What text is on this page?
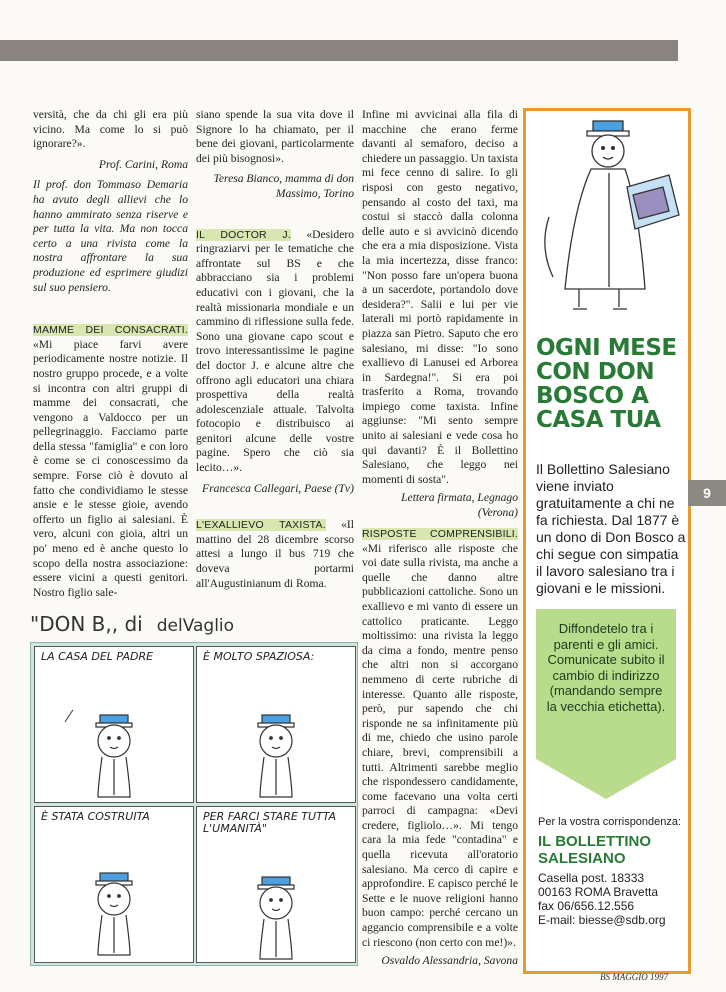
versità, che da chi gli era più vicino. Ma come lo si può ignorare?».

Prof. Carini, Roma

Il prof. don Tommaso Demaria ha avuto degli allievi che lo hanno ammirato senza riserve e per tutta la vita. Ma non tocca certo a una rivista come la nostra affrontare la sua produzione ed esprimere giudizi sul suo pensiero.

MAMME DEI CONSACRATI. «Mi piace farvi avere periodicamente nostre notizie. Il nostro gruppo procede, e a volte si incontra con altri gruppi di mamme dei consacrati, che vengono a Valdocco per un pellegrinaggio. Facciamo parte della stessa "famiglia" e con loro è come se ci conoscessimo da sempre. Forse ciò è dovuto al fatto che condividiamo le stesse ansie e le stesse gioie, avendo offerto un figlio ai salesiani. È vero, alcuni con gioia, altri un po' meno ed è anche questo lo scopo della nostra associazione: essere vicini a questi genitori. Nostro figlio sale-

siano spende la sua vita dove il Signore lo ha chiamato, per il bene dei giovani, particolarmente dei più bisognosi».

Teresa Bianco, mamma di don Massimo, Torino

IL DOCTOR J. «Desidero ringraziarvi per le tematiche che affrontate sul BS e che abbracciano sia i problemi educativi con i giovani, che la realtà missionaria mondiale e un cammino di riflessione sulla fede. Sono una giovane capo scout e trovo interessantissime le pagine del doctor J. e alcune altre che offrono agli educatori una chiara prospettiva della realtà adolescenziale attuale. Talvolta fotocopio e distribuisco ai genitori alcune delle vostre pagine. Spero che ciò sia lecito…».

Francesca Callegari, Paese (Tv)

L'EXALLIEVO TAXISTA. «Il mattino del 28 dicembre scorso attesi a lungo il bus 719 che doveva portarmi all'Augustinianum di Roma.

Infine mi avvicinai alla fila di macchine che erano ferme davanti al semaforo, deciso a chiedere un passaggio. Un taxista mi fece cenno di salire. Io gli risposi con gesto negativo, pensando al costo del taxi, ma costui si staccò dalla colonna delle auto e si avvicinò dicendo che era a mia disposizione. Vista la mia incertezza, disse franco: "Non posso fare un'opera buona a un sacerdote, portandolo dove desidera?". Salii e lui per vie laterali mi portò rapidamente in piazza san Pietro. Saputo che ero salesiano, mi disse: "Io sono exallievo di Lanusei ed Arborea in Sardegna!". Si era poi trasferito a Roma, trovando impiego come taxista. Infine aggiunse: "Mi sento sempre unito ai salesiani e vede cosa ho qui davanti? È il Bollettino Salesiano, che leggo nei momenti di sosta".

Lettera firmata, Legnago (Verona)

RISPOSTE COMPRENSIBILI. «Mi riferisco alle risposte che voi date sulla rivista, ma anche a quelle che danno altre pubblicazioni cattoliche. Sono un exallievo e mi vanto di essere un cattolico praticante. Leggo moltissimo: una rivista la leggo da cima a fondo, mentre penso che altri non si accorgano nemmeno di certe rubriche di interesse. Quanto alle risposte, però, pur sapendo che chi risponde ne sa infinitamente più di me, chiedo che usino parole chiare, brevi, comprensibili a tutti. Altrimenti sarebbe meglio che rispondessero candidamente, come facevano una volta certi parroci di campagna: «Devi credere, figliolo…». Mi tengo cara la mia fede "contadina" e quella ricevuta all'oratorio salesiano. Ma cerco di capire e approfondire. E capisco perché le Sette e le nuove religioni hanno buon campo: perché cercano un aggancio comprensibile e a volte ci riescono (non certo con me!)».

Osvaldo Alessandria, Savona

"DON B,, di delVaglio
LA CASA DEL PADRE	È MOLTO SPAZIOSA:
È STATA COSTRUITA	PER FARCI STARE TUTTA L'UMANITÀ"
OGNI MESE CON DON BOSCO A CASA TUA
Il Bollettino Salesiano viene inviato gratuitamente a chi ne fa richiesta. Dal 1877 è un dono di Don Bosco a chi segue con simpatia il lavoro salesiano tra i giovani e le missioni.
Diffondetelo tra i parenti e gli amici. Comunicate subito il cambio di indirizzo (mandando sempre la vecchia etichetta).
Per la vostra corrispondenza:
IL BOLLETTINO SALESIANO
Casella post. 18333
00163 ROMA Bravetta
fax 06/656.12.556
E-mail: biesse@sdb.org
9
BS MAGGIO 1997
